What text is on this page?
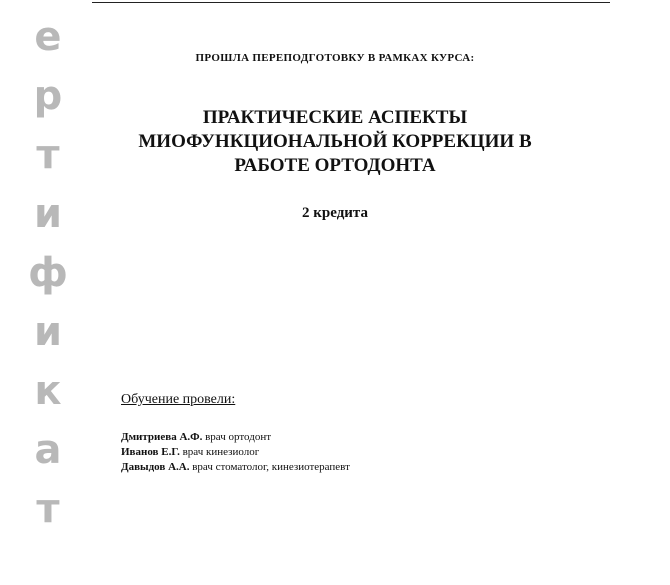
е
р
т
и
ф
и
к
а
т
ПРОШЛА ПЕРЕПОДГОТОВКУ В РАМКАХ КУРСА:
ПРАКТИЧЕСКИЕ АСПЕКТЫ
МИОФУНКЦИОНАЛЬНОЙ КОРРЕКЦИИ В
РАБОТЕ ОРТОДОНТА
2 кредита
Обучение провели:
Дмитриева А.Ф. врач ортодонт
Иванов Е.Г. врач кинезиолог
Давыдов А.А. врач стоматолог, кинезиотерапевт
